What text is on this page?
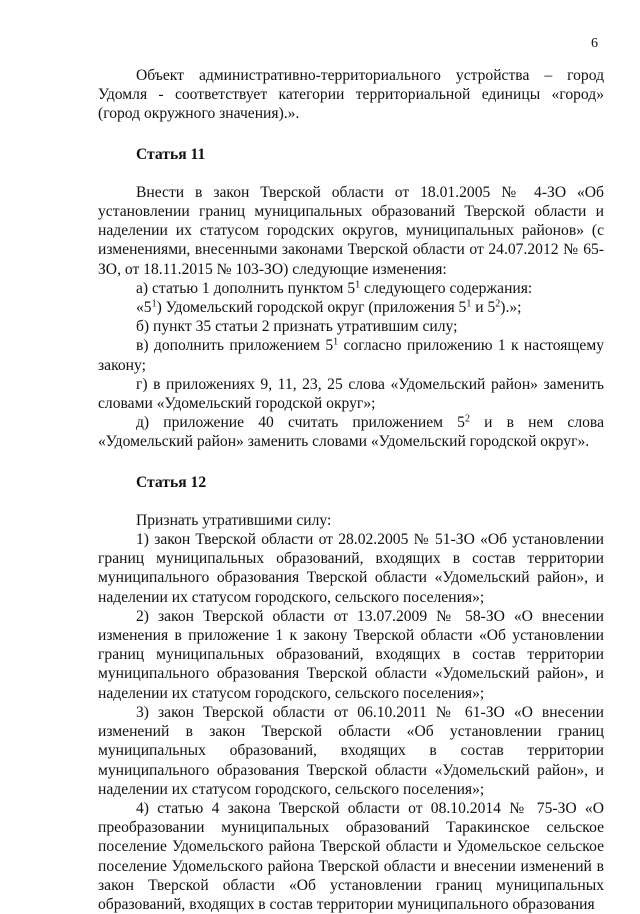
6

Объект административно-территориального устройства – город Удомля - соответствует категории территориальной единицы «город» (город окружного значения).».

Статья 11

Внести в закон Тверской области от 18.01.2005 № 4-ЗО «Об установлении границ муниципальных образований Тверской области и наделении их статусом городских округов, муниципальных районов» (с изменениями, внесенными законами Тверской области от 24.07.2012 № 65-ЗО, от 18.11.2015 № 103-ЗО) следующие изменения:

а) статью 1 дополнить пунктом $5^1$ следующего содержания:

«$5^1$) Удомельский городской округ (приложения $5^1$ и $5^2$).»;

б) пункт 35 статьи 2 признать утратившим силу;

в) дополнить приложением $5^1$ согласно приложению 1 к настоящему закону;

г) в приложениях 9, 11, 23, 25 слова «Удомельский район» заменить словами «Удомельский городской округ»;

д) приложение 40 считать приложением $5^2$ и в нем слова «Удомельский район» заменить словами «Удомельский городской округ».

Статья 12

Признать утратившими силу:

1) закон Тверской области от 28.02.2005 № 51-ЗО «Об установлении границ муниципальных образований, входящих в состав территории муниципального образования Тверской области «Удомельский район», и наделении их статусом городского, сельского поселения»;

2) закон Тверской области от 13.07.2009 № 58-ЗО «О внесении изменения в приложение 1 к закону Тверской области «Об установлении границ муниципальных образований, входящих в состав территории муниципального образования Тверской области «Удомельский район», и наделении их статусом городского, сельского поселения»;

3) закон Тверской области от 06.10.2011 № 61-ЗО «О внесении изменений в закон Тверской области «Об установлении границ муниципальных образований, входящих в состав территории муниципального образования Тверской области «Удомельский район», и наделении их статусом городского, сельского поселения»;

4) статью 4 закона Тверской области от 08.10.2014 № 75-ЗО «О преобразовании муниципальных образований Таракинское сельское поселение Удомельского района Тверской области и Удомельское сельское поселение Удомельского района Тверской области и внесении изменений в закон Тверской области «Об установлении границ муниципальных образований, входящих в состав территории муниципального образования
